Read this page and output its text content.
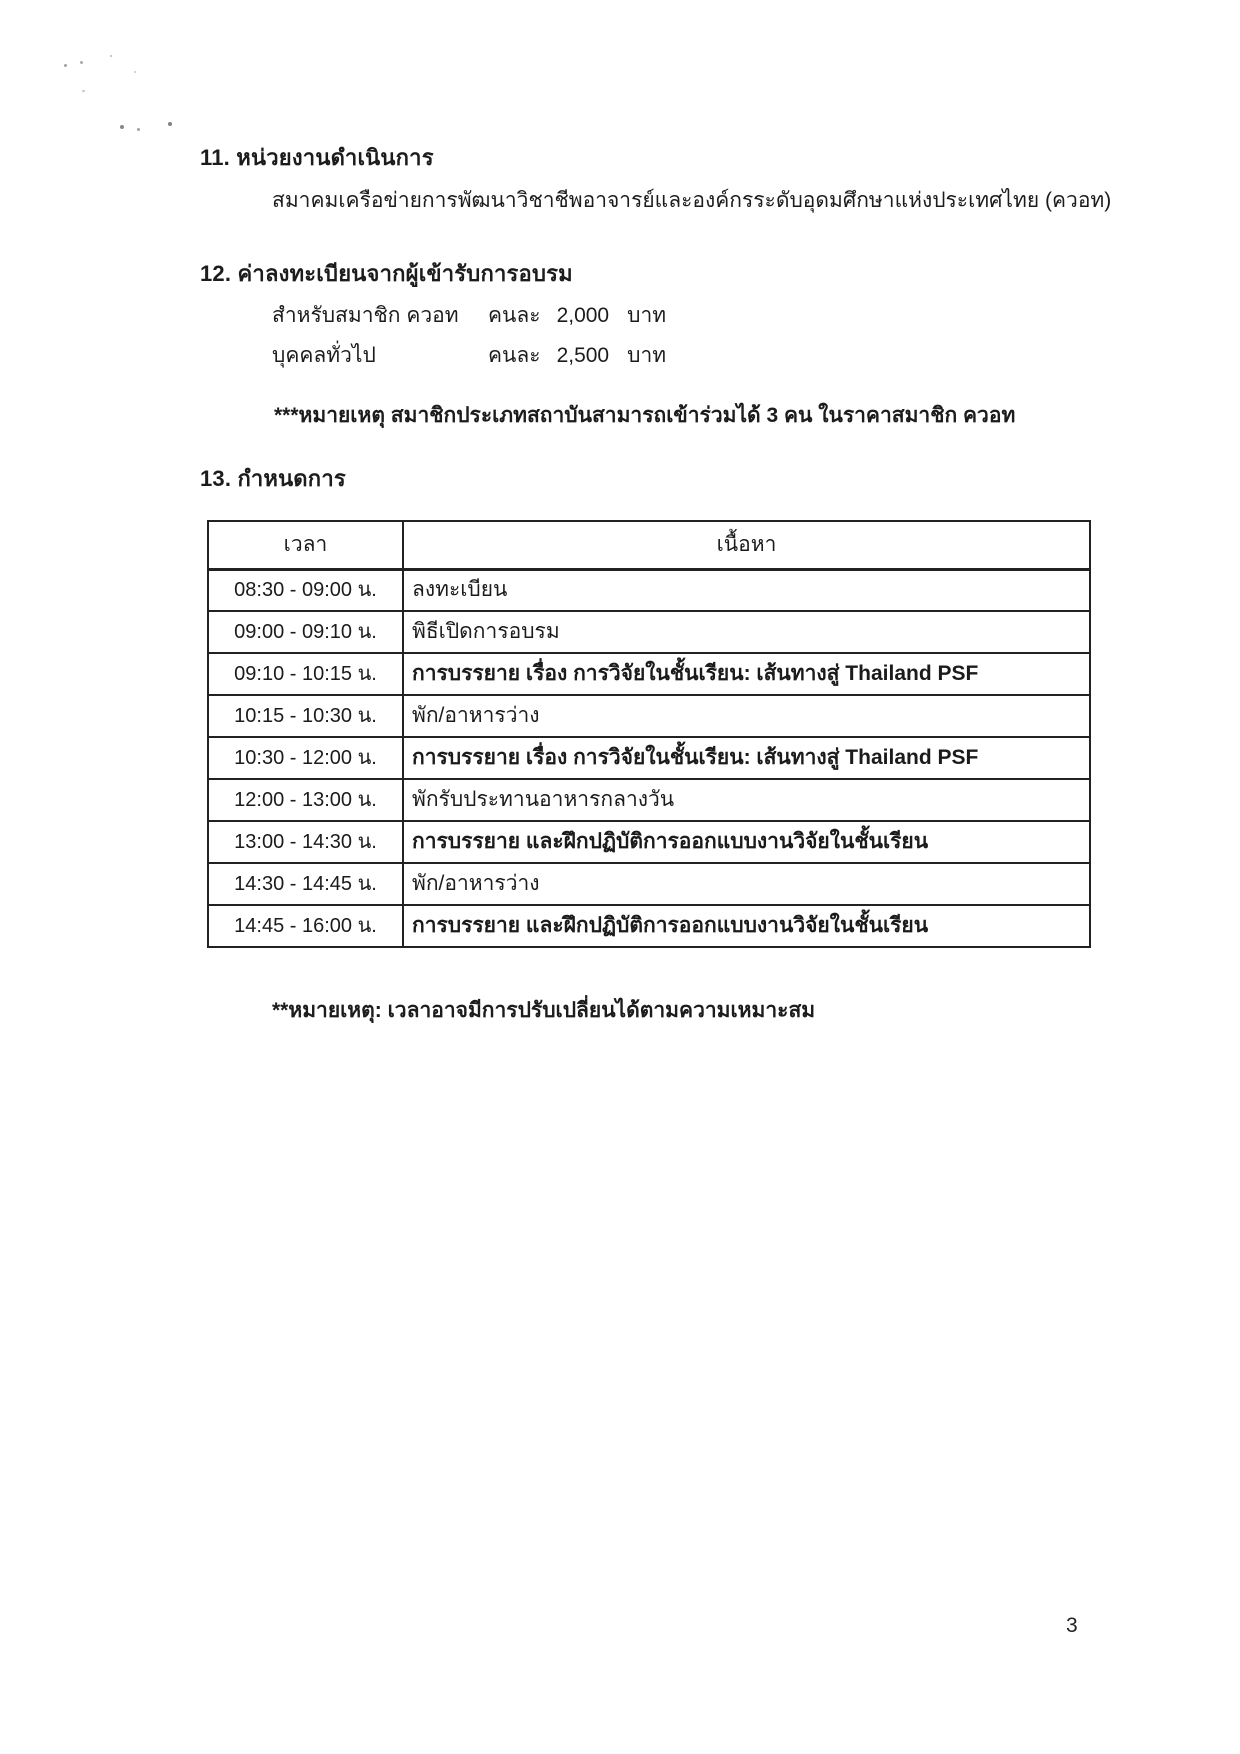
11. หน่วยงานดำเนินการ
สมาคมเครือข่ายการพัฒนาวิชาชีพอาจารย์และองค์กรระดับอุดมศึกษาแห่งประเทศไทย (ควอท)
12. ค่าลงทะเบียนจากผู้เข้ารับการอบรม
สำหรับสมาชิก ควอท	คนละ 2,000 บาท
บุคคลทั่วไป	คนละ 2,500 บาท
***หมายเหตุ สมาชิกประเภทสถาบันสามารถเข้าร่วมได้ 3 คน ในราคาสมาชิก ควอท
13. กำหนดการ
เวลา	เนื้อหา
08:30 - 09:00 น.	ลงทะเบียน
09:00 - 09:10 น.	พิธีเปิดการอบรม
09:10 - 10:15 น.	การบรรยาย เรื่อง การวิจัยในชั้นเรียน: เส้นทางสู่ Thailand PSF
10:15 - 10:30 น.	พัก/อาหารว่าง
10:30 - 12:00 น.	การบรรยาย เรื่อง การวิจัยในชั้นเรียน: เส้นทางสู่ Thailand PSF
12:00 - 13:00 น.	พักรับประทานอาหารกลางวัน
13:00 - 14:30 น.	การบรรยาย และฝึกปฏิบัติการออกแบบงานวิจัยในชั้นเรียน
14:30 - 14:45 น.	พัก/อาหารว่าง
14:45 - 16:00 น.	การบรรยาย และฝึกปฏิบัติการออกแบบงานวิจัยในชั้นเรียน
**หมายเหตุ: เวลาอาจมีการปรับเปลี่ยนได้ตามความเหมาะสม
3
